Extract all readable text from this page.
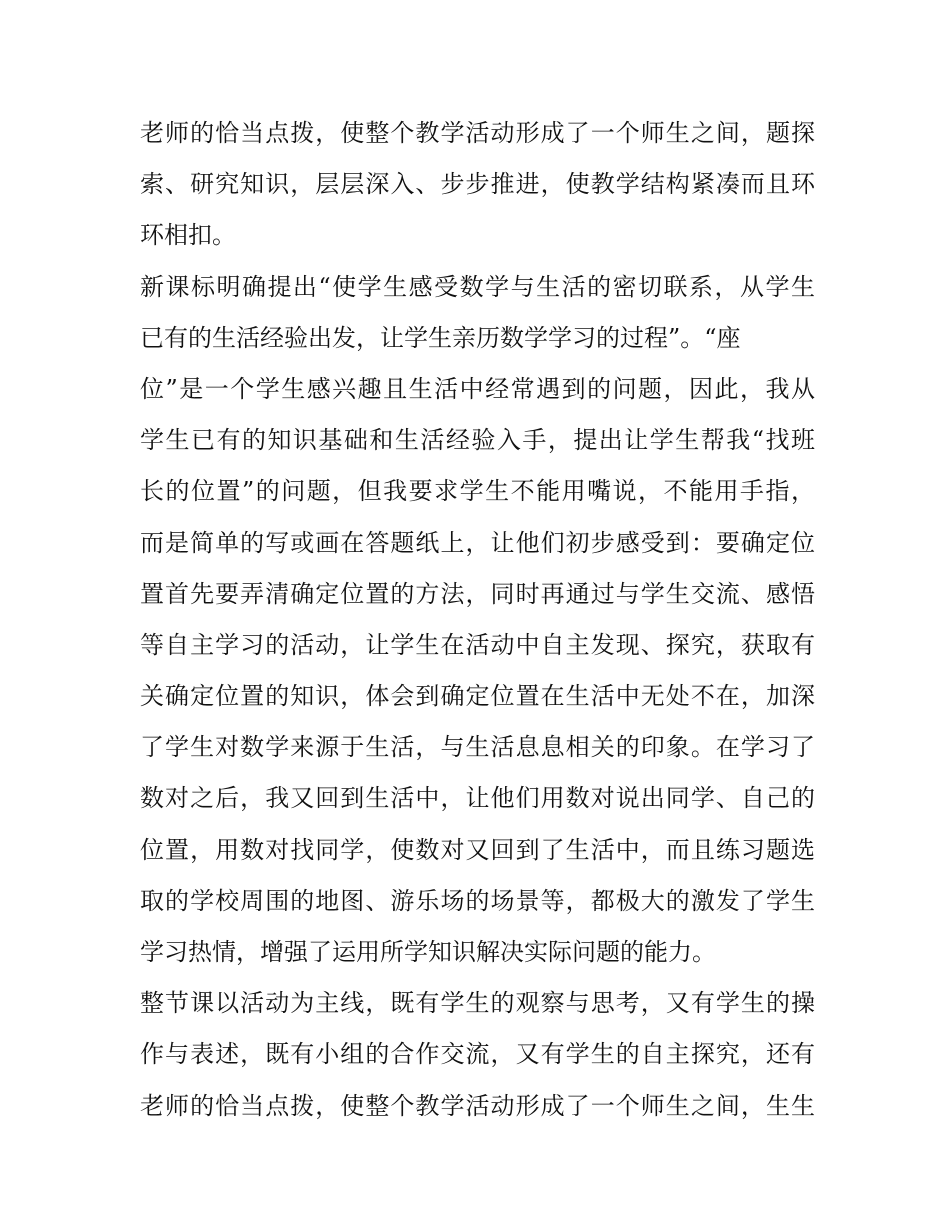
老师的恰当点拨，使整个教学活动形成了一个师生之间，题探
索、研究知识，层层深入、步步推进，使教学结构紧凑而且环
环相扣。
新课标明确提出“使学生感受数学与生活的密切联系，从学生
已有的生活经验出发，让学生亲历数学学习的过程”。“座
位”是一个学生感兴趣且生活中经常遇到的问题，因此，我从
学生已有的知识基础和生活经验入手，提出让学生帮我“找班
长的位置”的问题，但我要求学生不能用嘴说，不能用手指，
而是简单的写或画在答题纸上，让他们初步感受到：要确定位
置首先要弄清确定位置的方法，同时再通过与学生交流、感悟
等自主学习的活动，让学生在活动中自主发现、探究，获取有
关确定位置的知识，体会到确定位置在生活中无处不在，加深
了学生对数学来源于生活，与生活息息相关的印象。在学习了
数对之后，我又回到生活中，让他们用数对说出同学、自己的
位置，用数对找同学，使数对又回到了生活中，而且练习题选
取的学校周围的地图、游乐场的场景等，都极大的激发了学生
学习热情，增强了运用所学知识解决实际问题的能力。
整节课以活动为主线，既有学生的观察与思考，又有学生的操
作与表述，既有小组的合作交流，又有学生的自主探究，还有
老师的恰当点拨，使整个教学活动形成了一个师生之间，生生
